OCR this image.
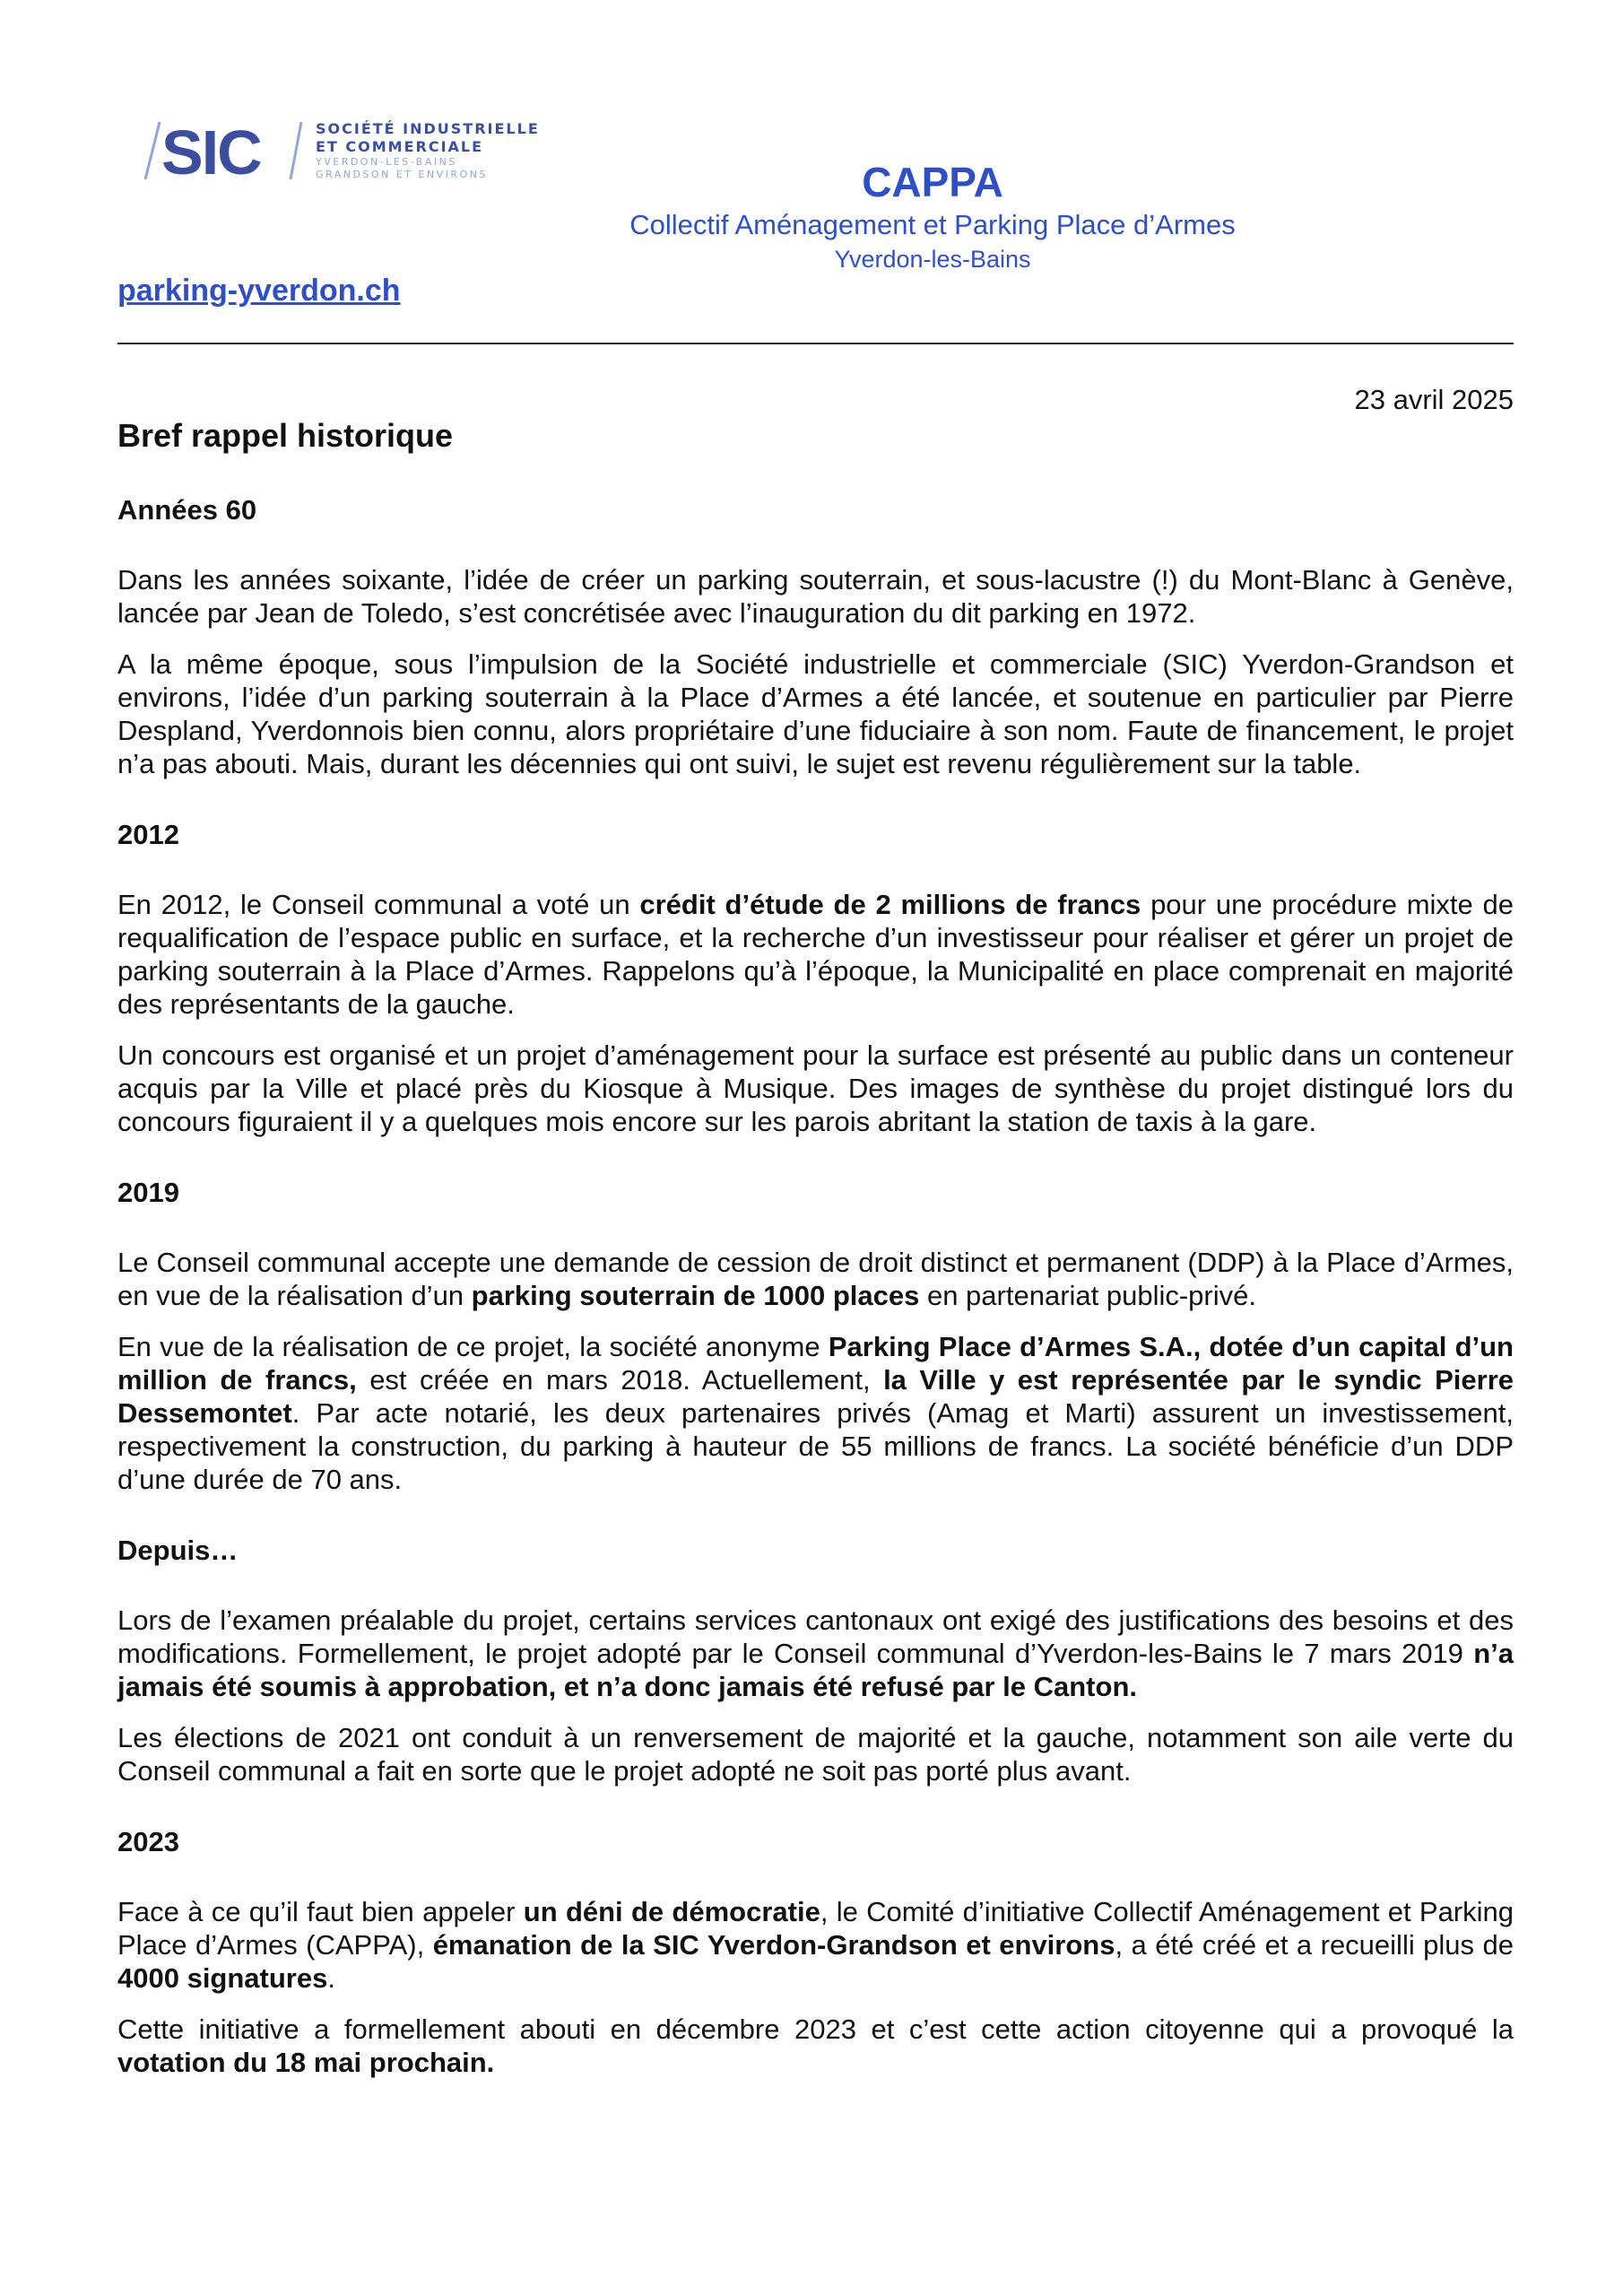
SIC	SOCIÉTÉ INDUSTRIELLE
ET COMMERCIALE
YVERDON-LES-BAINS
GRANDSON ET ENVIRONS	CAPPA
Collectif Aménagement et Parking Place d’Armes
Yverdon-les-Bains
parking-yverdon.ch
23 avril 2025
Bref rappel historique
Années 60

Dans les années soixante, l’idée de créer un parking souterrain, et sous-lacustre (!) du Mont-Blanc à Genève, lancée par Jean de Toledo, s’est concrétisée avec l’inauguration du dit parking en 1972.

A la même époque, sous l’impulsion de la Société industrielle et commerciale (SIC) Yverdon-Grandson et environs, l’idée d’un parking souterrain à la Place d’Armes a été lancée, et soutenue en particulier par Pierre Despland, Yverdonnois bien connu, alors propriétaire d’une fiduciaire à son nom. Faute de financement, le projet n’a pas abouti. Mais, durant les décennies qui ont suivi, le sujet est revenu régulièrement sur la table.

2012

En 2012, le Conseil communal a voté un crédit d’étude de 2 millions de francs pour une procédure mixte de requalification de l’espace public en surface, et la recherche d’un investisseur pour réaliser et gérer un projet de parking souterrain à la Place d’Armes. Rappelons qu’à l’époque, la Municipalité en place comprenait en majorité des représentants de la gauche.

Un concours est organisé et un projet d’aménagement pour la surface est présenté au public dans un conteneur acquis par la Ville et placé près du Kiosque à Musique. Des images de synthèse du projet distingué lors du concours figuraient il y a quelques mois encore sur les parois abritant la station de taxis à la gare.

2019

Le Conseil communal accepte une demande de cession de droit distinct et permanent (DDP) à la Place d’Armes, en vue de la réalisation d’un parking souterrain de 1000 places en partenariat public-privé.

En vue de la réalisation de ce projet, la société anonyme Parking Place d’Armes S.A., dotée d’un capital d’un million de francs, est créée en mars 2018. Actuellement, la Ville y est représentée par le syndic Pierre Dessemontet. Par acte notarié, les deux partenaires privés (Amag et Marti) assurent un investissement, respectivement la construction, du parking à hauteur de 55 millions de francs. La société bénéficie d’un DDP d’une durée de 70 ans.

Depuis…

Lors de l’examen préalable du projet, certains services cantonaux ont exigé des justifications des besoins et des modifications. Formellement, le projet adopté par le Conseil communal d’Yverdon-les-Bains le 7 mars 2019 n’a jamais été soumis à approbation, et n’a donc jamais été refusé par le Canton.

Les élections de 2021 ont conduit à un renversement de majorité et la gauche, notamment son aile verte du Conseil communal a fait en sorte que le projet adopté ne soit pas porté plus avant.

2023

Face à ce qu’il faut bien appeler un déni de démocratie, le Comité d’initiative Collectif Aménagement et Parking Place d’Armes (CAPPA), émanation de la SIC Yverdon-Grandson et environs, a été créé et a recueilli plus de 4000 signatures.

Cette initiative a formellement abouti en décembre 2023 et c’est cette action citoyenne qui a provoqué la votation du 18 mai prochain.
